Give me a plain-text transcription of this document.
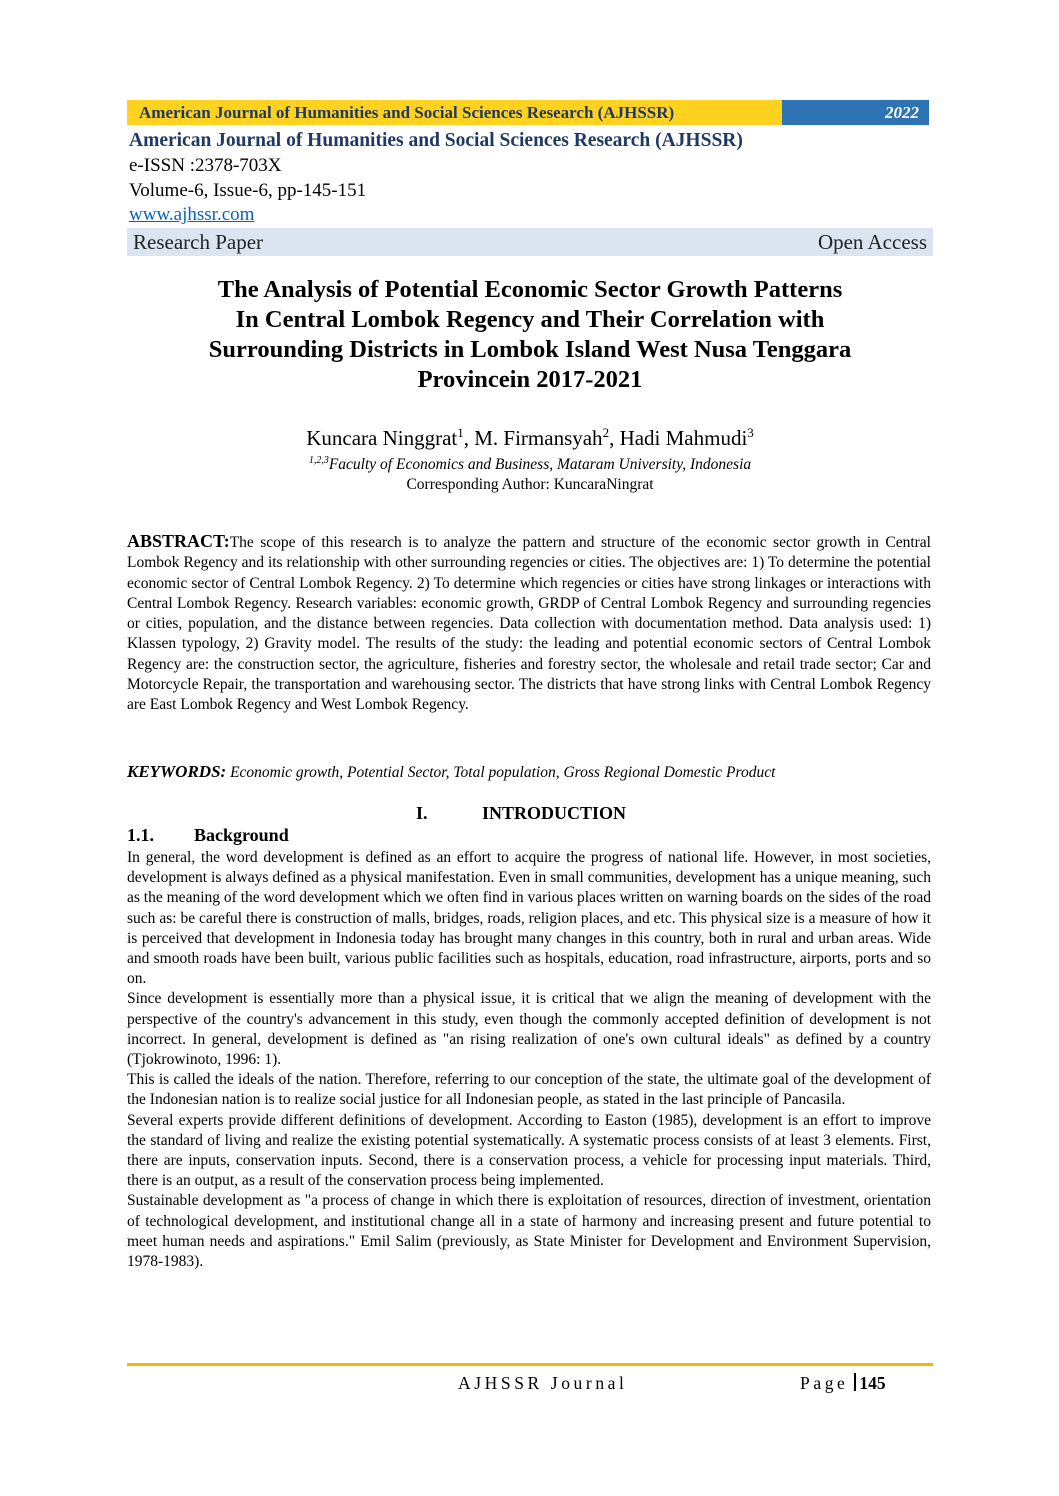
American Journal of Humanities and Social Sciences Research (AJHSSR)	2022
American Journal of Humanities and Social Sciences Research (AJHSSR)
e-ISSN :2378-703X
Volume-6, Issue-6, pp-145-151
www.ajhssr.com
Research Paper	Open Access
The Analysis of Potential Economic Sector Growth Patterns
In Central Lombok Regency and Their Correlation with
Surrounding Districts in Lombok Island West Nusa Tenggara
Provincein 2017-2021
Kuncara Ninggrat$^1$, M. Firmansyah$^2$, Hadi Mahmudi$^3$
$^{1,2,3}$Faculty of Economics and Business, Mataram University, Indonesia
Corresponding Author: KuncaraNingrat
ABSTRACT:The scope of this research is to analyze the pattern and structure of the economic sector growth in Central Lombok Regency and its relationship with other surrounding regencies or cities. The objectives are: 1) To determine the potential economic sector of Central Lombok Regency. 2) To determine which regencies or cities have strong linkages or interactions with Central Lombok Regency. Research variables: economic growth, GRDP of Central Lombok Regency and surrounding regencies or cities, population, and the distance between regencies. Data collection with documentation method. Data analysis used: 1) Klassen typology, 2) Gravity model. The results of the study: the leading and potential economic sectors of Central Lombok Regency are: the construction sector, the agriculture, fisheries and forestry sector, the wholesale and retail trade sector; Car and Motorcycle Repair, the transportation and warehousing sector. The districts that have strong links with Central Lombok Regency are East Lombok Regency and West Lombok Regency.
KEYWORDS: Economic growth, Potential Sector, Total population, Gross Regional Domestic Product
I.	INTRODUCTION
1.1. Background

In general, the word development is defined as an effort to acquire the progress of national life. However, in most societies, development is always defined as a physical manifestation. Even in small communities, development has a unique meaning, such as the meaning of the word development which we often find in various places written on warning boards on the sides of the road such as: be careful there is construction of malls, bridges, roads, religion places, and etc. This physical size is a measure of how it is perceived that development in Indonesia today has brought many changes in this country, both in rural and urban areas. Wide and smooth roads have been built, various public facilities such as hospitals, education, road infrastructure, airports, ports and so on.

Since development is essentially more than a physical issue, it is critical that we align the meaning of development with the perspective of the country's advancement in this study, even though the commonly accepted definition of development is not incorrect. In general, development is defined as "an rising realization of one's own cultural ideals" as defined by a country (Tjokrowinoto, 1996: 1).

This is called the ideals of the nation. Therefore, referring to our conception of the state, the ultimate goal of the development of the Indonesian nation is to realize social justice for all Indonesian people, as stated in the last principle of Pancasila.

Several experts provide different definitions of development. According to Easton (1985), development is an effort to improve the standard of living and realize the existing potential systematically. A systematic process consists of at least 3 elements. First, there are inputs, conservation inputs. Second, there is a conservation process, a vehicle for processing input materials. Third, there is an output, as a result of the conservation process being implemented.

Sustainable development as "a process of change in which there is exploitation of resources, direction of investment, orientation of technological development, and institutional change all in a state of harmony and increasing present and future potential to meet human needs and aspirations." Emil Salim (previously, as State Minister for Development and Environment Supervision, 1978-1983).

AJHSSR Journal	Page 145
